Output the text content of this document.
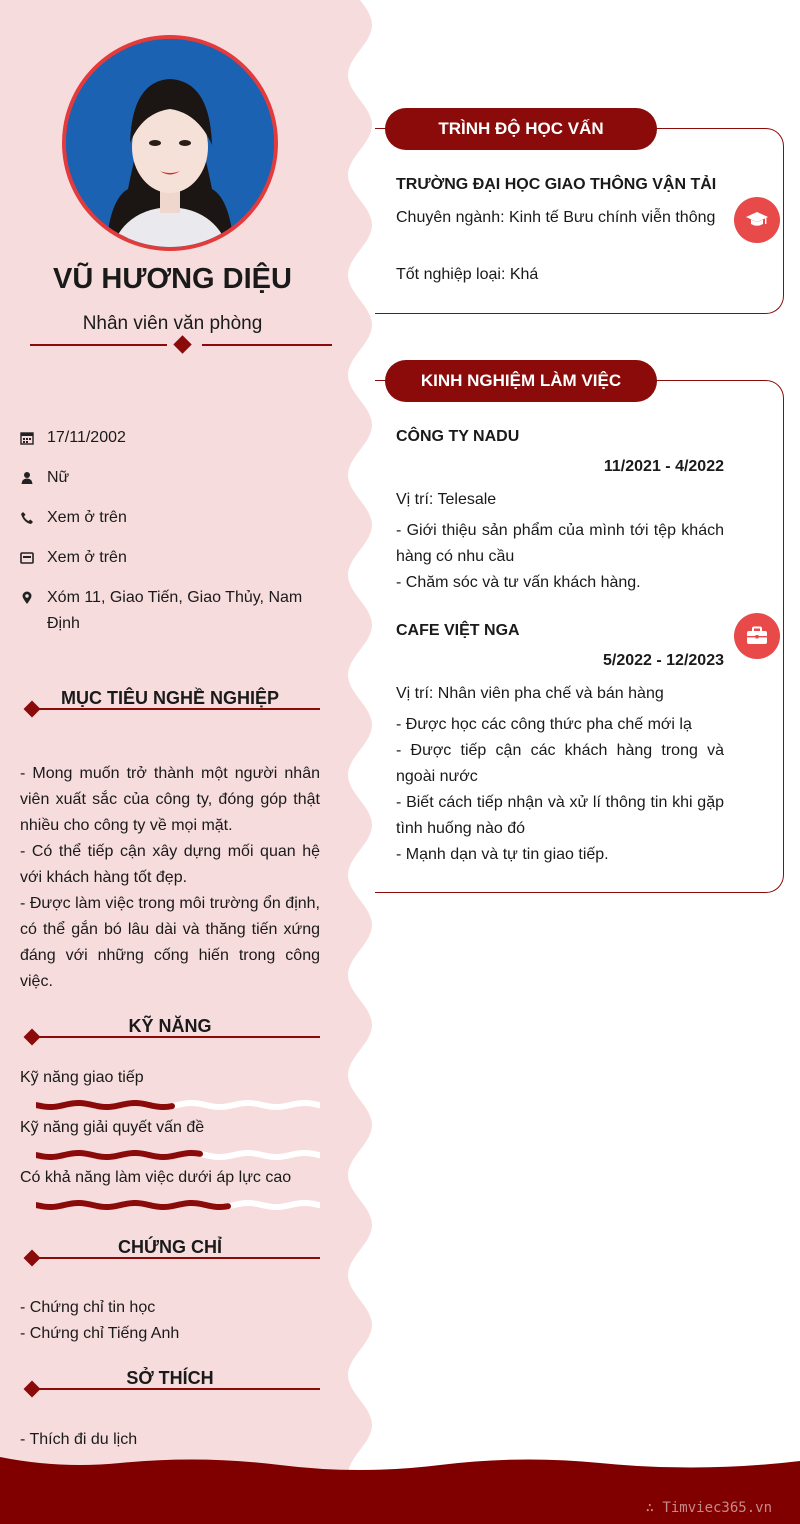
VŨ HƯƠNG DIỆU
Nhân viên văn phòng
17/11/2002
Nữ
Xem ở trên
Xem ở trên
Xóm 11, Giao Tiến, Giao Thủy, Nam Định
MỤC TIÊU NGHỀ NGHIỆP
- Mong muốn trở thành một người nhân viên xuất sắc của công ty, đóng góp thật nhiều cho công ty về mọi mặt.
- Có thể tiếp cận xây dựng mối quan hệ với khách hàng tốt đẹp.
- Được làm việc trong môi trường ổn định, có thể gắn bó lâu dài và thăng tiến xứng đáng với những cống hiến trong công việc.
KỸ NĂNG
Kỹ năng giao tiếp
Kỹ năng giải quyết vấn đề
Có khả năng làm việc dưới áp lực cao
CHỨNG CHỈ
- Chứng chỉ tin học
- Chứng chỉ Tiếng Anh
SỞ THÍCH
- Thích đi du lịch
TRÌNH ĐỘ HỌC VẤN
TRƯỜNG ĐẠI HỌC GIAO THÔNG VẬN TẢI
Chuyên ngành: Kinh tế Bưu chính viễn thông
Tốt nghiệp loại: Khá
KINH NGHIỆM LÀM VIỆC
CÔNG TY NADU
11/2021 - 4/2022
Vị trí: Telesale
- Giới thiệu sản phẩm của mình tới tệp khách hàng có nhu cầu
- Chăm sóc và tư vấn khách hàng.
CAFE VIỆT NGA
5/2022 - 12/2023
Vị trí: Nhân viên pha chế và bán hàng
- Được học các công thức pha chế mới lạ
- Được tiếp cận các khách hàng trong và ngoài nước
- Biết cách tiếp nhận và xử lí thông tin khi gặp tình huống nào đó
- Mạnh dạn và tự tin giao tiếp.
∴ Timviec365.vn
